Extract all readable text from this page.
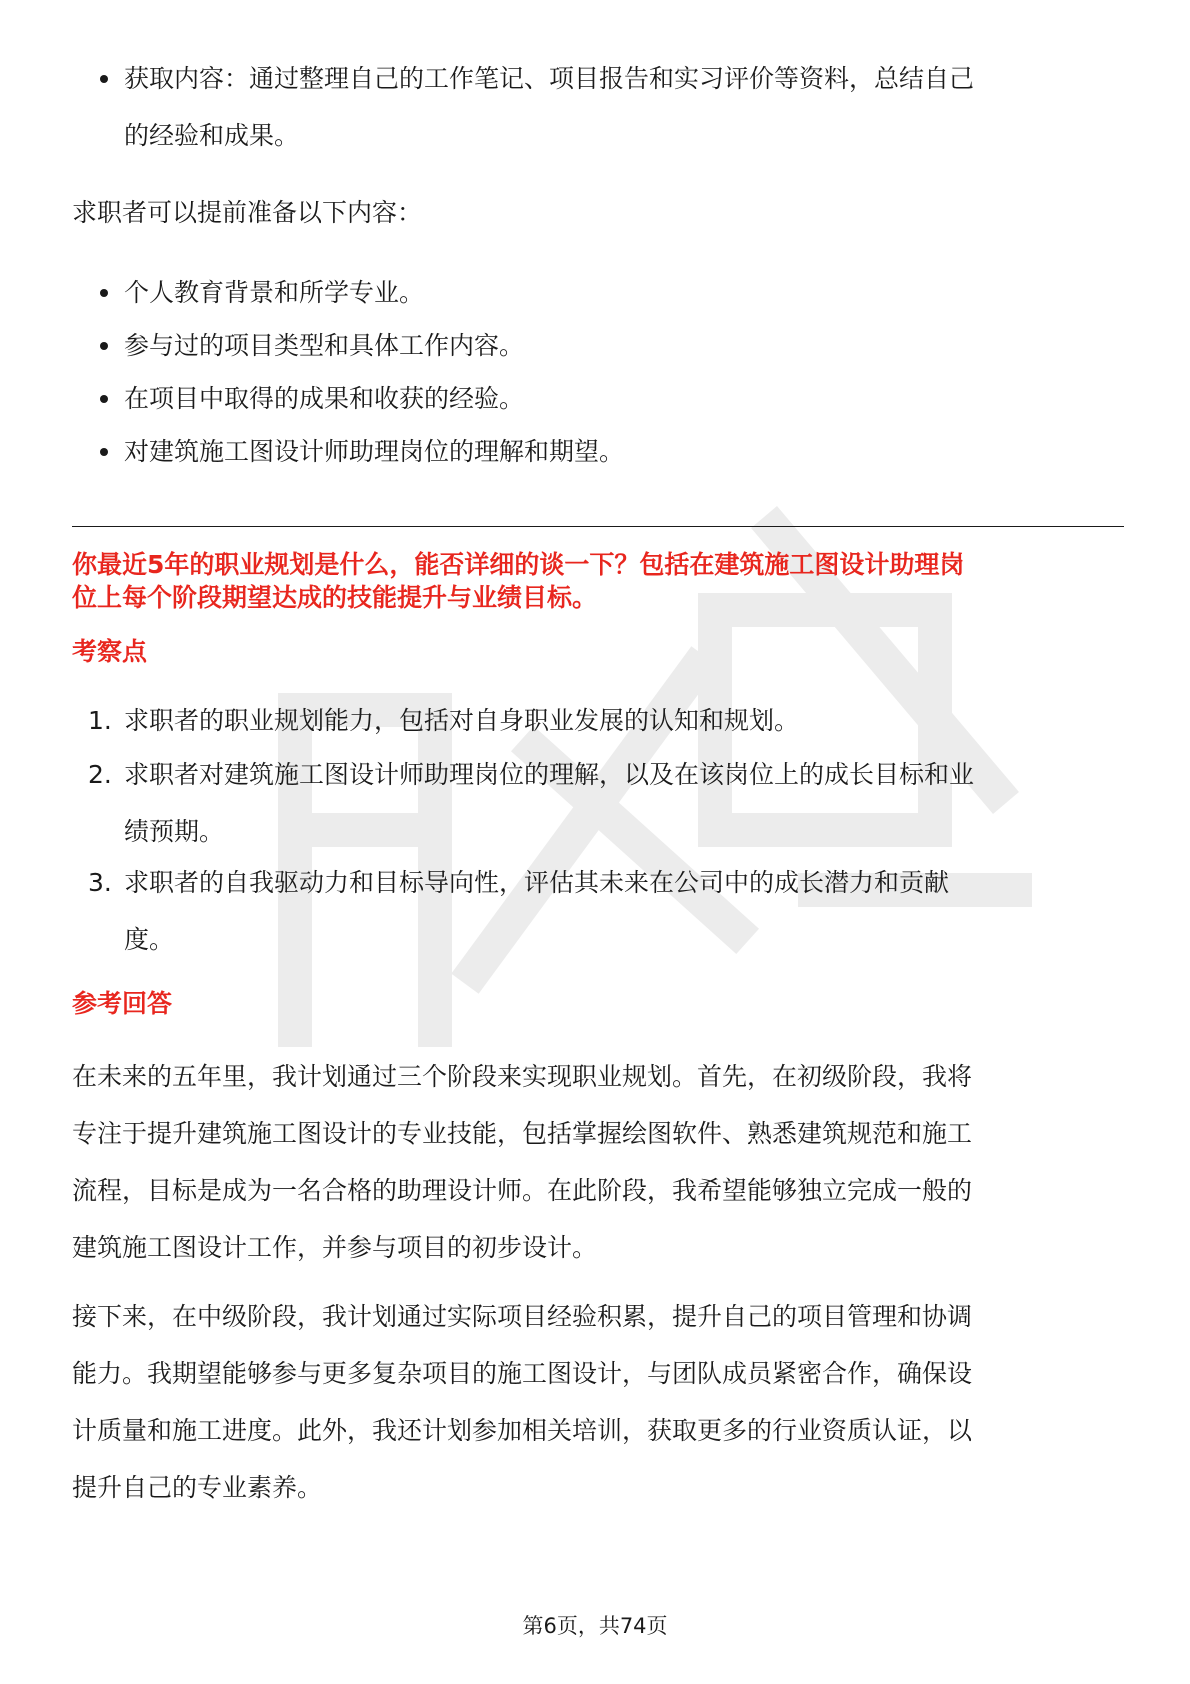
获取内容：通过整理自己的工作笔记、项目报告和实习评价等资料，总结自己
的经验和成果。
求职者可以提前准备以下内容：
个人教育背景和所学专业。
参与过的项目类型和具体工作内容。
在项目中取得的成果和收获的经验。
对建筑施工图设计师助理岗位的理解和期望。
你最近5年的职业规划是什么，能否详细的谈一下？包括在建筑施工图设计助理岗
位上每个阶段期望达成的技能提升与业绩目标。
考察点
1. 求职者的职业规划能力，包括对自身职业发展的认知和规划。
2. 求职者对建筑施工图设计师助理岗位的理解，以及在该岗位上的成长目标和业
绩预期。
3. 求职者的自我驱动力和目标导向性，评估其未来在公司中的成长潜力和贡献
度。
参考回答
在未来的五年里，我计划通过三个阶段来实现职业规划。首先，在初级阶段，我将
专注于提升建筑施工图设计的专业技能，包括掌握绘图软件、熟悉建筑规范和施工
流程，目标是成为一名合格的助理设计师。在此阶段，我希望能够独立完成一般的
建筑施工图设计工作，并参与项目的初步设计。
接下来，在中级阶段，我计划通过实际项目经验积累，提升自己的项目管理和协调
能力。我期望能够参与更多复杂项目的施工图设计，与团队成员紧密合作，确保设
计质量和施工进度。此外，我还计划参加相关培训，获取更多的行业资质认证，以
提升自己的专业素养。
第6页，共74页
